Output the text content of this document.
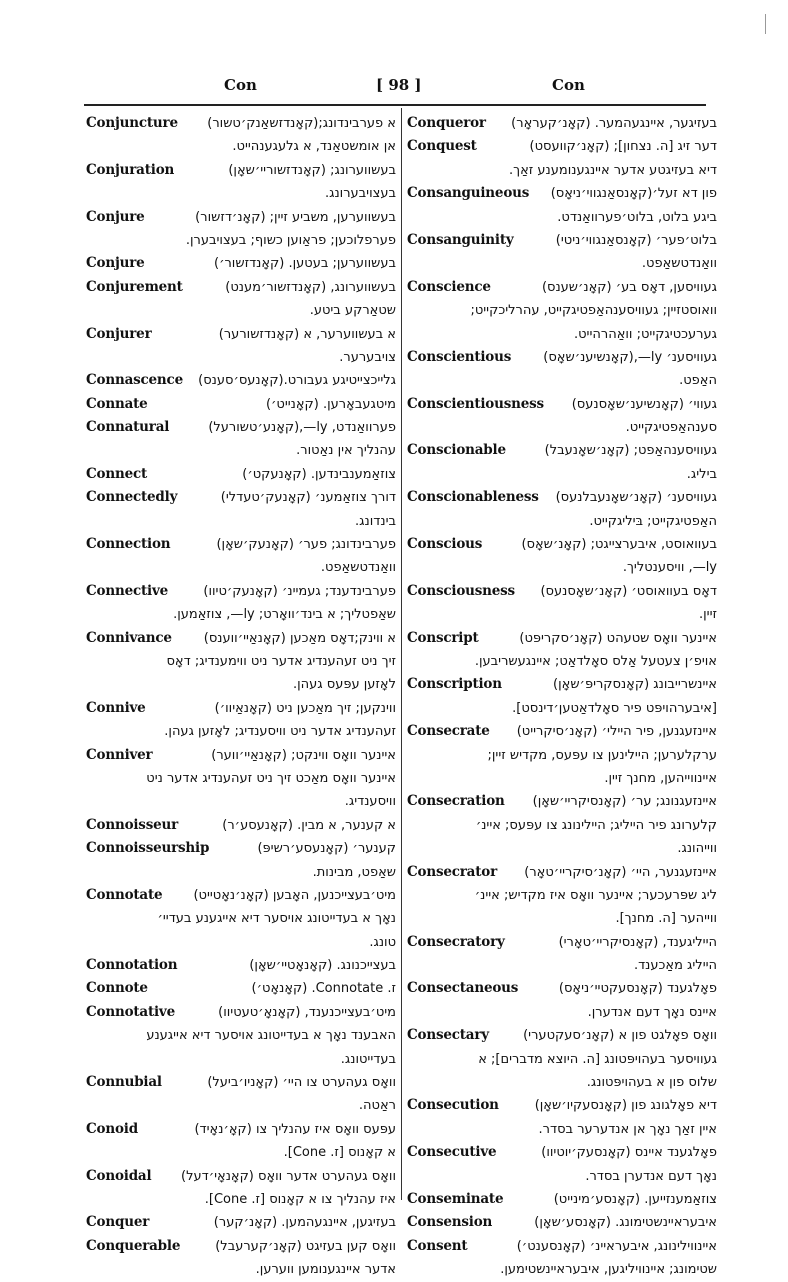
Con	[ 98 ]	Con
Conjuncture א פערבינדונג;(קאָנדזשאַנק׳טשור)
אן אומשטאַנד, א גלעגענהייט.
Conjuration	בעשווערונג; (קאָנדזשוריי׳שאָן)
בעצויבערונג.
Conjure	בעשווערען, משביע זיין; (קאָנ׳דזשור)
פערפלוכען; פראַוען כשוף; בעצויבערן.
Conjure	בעשווערען; בעטען. (קאָנדזשור׳)
Conjurement	בעשווערונג, (קאָנדזשור׳מענט)
שטאַרקע ביטע.
Conjurer	א בעשווערער, א (קאָנדזשורער)
צויבערער.
Connascence גלייכצייטיגע געבורט.(קאָנעס׳סענס)
Connate	מיטגעבאָרען. (קאָנייט׳)
Connatural	פערוואַנדט, ly—,(קאָנע׳טשורעל)
עהנליך אין נאַטור.
Connect	צוזאַמענבינדען. (קאָנעקט׳)
Connectedly	דורך צוזאַמענ׳ (קאָנעק׳טעדלי)
בינדונג.
Connection	פערבינדונג; פער׳ (קאָנעק׳שאָן)
וואַנדטשאַפט.
Connective	פערבינדענד; געמיינ׳ (קאָנעק׳טיוו)
שאַפטליך; א בינד׳וואָרט; ly—, צוזאַמען.
Connivance א ווינק;דאָס מאַכען (קאָנאַיי׳ווענס)
זיך ניט זעהענדיג אדער ניט ווימענדיג; דאָס
לאָזען עפּעס געהן.
Connive	ווינקען; זיך מאַכען ניט (קאָנאַיוו׳)
זעהענדיג אדער ניט וויסענדיג; לאָזען געהן.
Conniver	איינער וואָס ווינקט; (קאָנאַיי׳ווער)
איינער וואָס מאַכט זיך ניט זעהענדיג אדער ניט
וויסענדיג.
Connoisseur	א קענער, א מבין. (קאָנעסע׳ר)
Connoisseurship	קענער׳ (קאָנעסע׳רשיפּ)
שאַפט, מבינות.
Connotate מיט׳בעצייכנען, האָבען (קאָנ׳נאָטייט)
נאָך א בעדייטונג אויסער דיא אייגענע בעדיי׳
טונג.
Connotation	בעצייכנונג. (קאָנאָטיי׳שאָן)
Connote	ז. Connotate. (קאָנאָט׳)
Connotative	מיט׳בעצייכנענד, (קאָנאָ׳טעטיוו)
האבענד נאָך א בעדייטונג אויסער דיא אייגענע
בעדייטונג.
Connubial	וואָס געהערט צו היי׳ (קאָניו׳ביעל)
ראַטה.
Conoid	עפּעס וואָס איז עהנליך צו (קאָ׳נאָיד)
א קאָנוס [ז. Cone].
Conoidal וואָס געהערט אדער וואָס (קאָנאָי׳דעל)
איז עהנליך צו א קאָנוס [ז. Cone].
Conquer	בעזיגען, איינגעהמען. (קאָנ׳קער)
Conquerable	וואָס קען בעזיגט (קאָנ׳קערעבל)
אדער איינגענומען ווערען.
Conqueror בעזיגער, איינגעהמער. (קאָנ׳קעראָר)
Conquest	דער זיג [ה. נצחון]; (קאָנ׳קוועסט)
דיא בעזיגטע אדער איינגענומענע זאַך.
Consanguineous פון דא זעל׳(קאָנסאַנגווי׳ניאָס)
ביגע בלוט, בלוט׳פערוואַנדט.
Consanguinity	בלוט׳פער׳ (קאָנסאַנגווי׳ניטי)
וואַנדטשאַפט.
Conscience	געוויסען, דאָס בע׳ (קאָנ׳שענס)
וואוסטזיין; געוויסענהאַפטיגקייט, עהרליכקייט;
גערעכטיגקייט; וואַהרהייט.
Conscientious געוויסענ׳ ly—,(קאָנשיענ׳שאָס)
האַפט.
Conscientiousness געווי׳ (קאָנשיענ׳שאָסנעס)
סענהאַפטיגקייט.
Conscionable	געוויסענהאַפט; (קאָנ׳שאָנעבל)
ביליג.
Conscionableness געוויסענ׳ (קאָנ׳שאָנעבלנעס)
האַפטיגקייט; בּיליגקייט.
Conscious	בעוואוסט, איבערצייגט; (קאָנ׳שאָס)
ly—, וויסענטליך.
Consciousness דאָס בעוואוסט׳ (קאָנ׳שאָסנעס)
זיין.
Conscript	איינער וואָס שטעהט (קאָנ׳סקריפּט)
אויפ׳ן צעטעל אַלס סאָלדאַט; איינגעשריבען.
Conscription	איינשרייבונג (קאָנסקריפּ׳שאָן)
[איבערהויפּט פיר סאָלדאַטען׳דינסט].
Consecrate איינזעגנען, פיר היילי׳ (קאָנ׳סיקרייט)
ערקלערען; היילינען צו עפּעס, מקדיש זיין;
איינווייהען, מחנך זיין.
Consecration איינזעגנונג; ער׳ (קאָנסיקריי׳שאָן)
קלערונג פיר הייליג; היילינונג צו עפּעס; איינ׳
ווייהונג.
Consecrator איינזעגנער, היי׳ (קאָנ׳סיקריי׳טאָר)
ליג שפּרעכער; איינער וואָס איז מקדיש; איינ׳
ווייהער [ה. מחנך].
Consecratory	הייליגענד, (קאָנסיקריי׳טאָרי)
הייליג מאַכענד.
Consectaneous	פאָלגענד (קאָנסעקטיי׳ניאָס)
איינס נאָך דעם אנדערן.
Consectary	וואָס פאָלגט פון א (קאָנ׳סעקטערי)
געוויסער בעהויפּטונג [ה. היוצא מדברים]; א
שלוס פון א בעהויפּטונג.
Consecution	דיא פאָלגונג פון (קאָנסעקיו׳שאָן)
איין זאַך נאָך אן אנדערער בסדר.
Consecutive	פאָלגענד איינס (קאָנסעק׳יוטיוו)
נאָך דעם אנדערן בסדר.
Conseminate	צוזאַמענזייען. (קאָנסע׳מינייט)
Consension	איבעראיינשטימונג. (קאָנסע׳שאָן)
Consent	איינווילינונג, איבעראיינ׳ (קאָנסענט׳)
שטימונג; איינוויליגען, איבעראיינשטימען.
